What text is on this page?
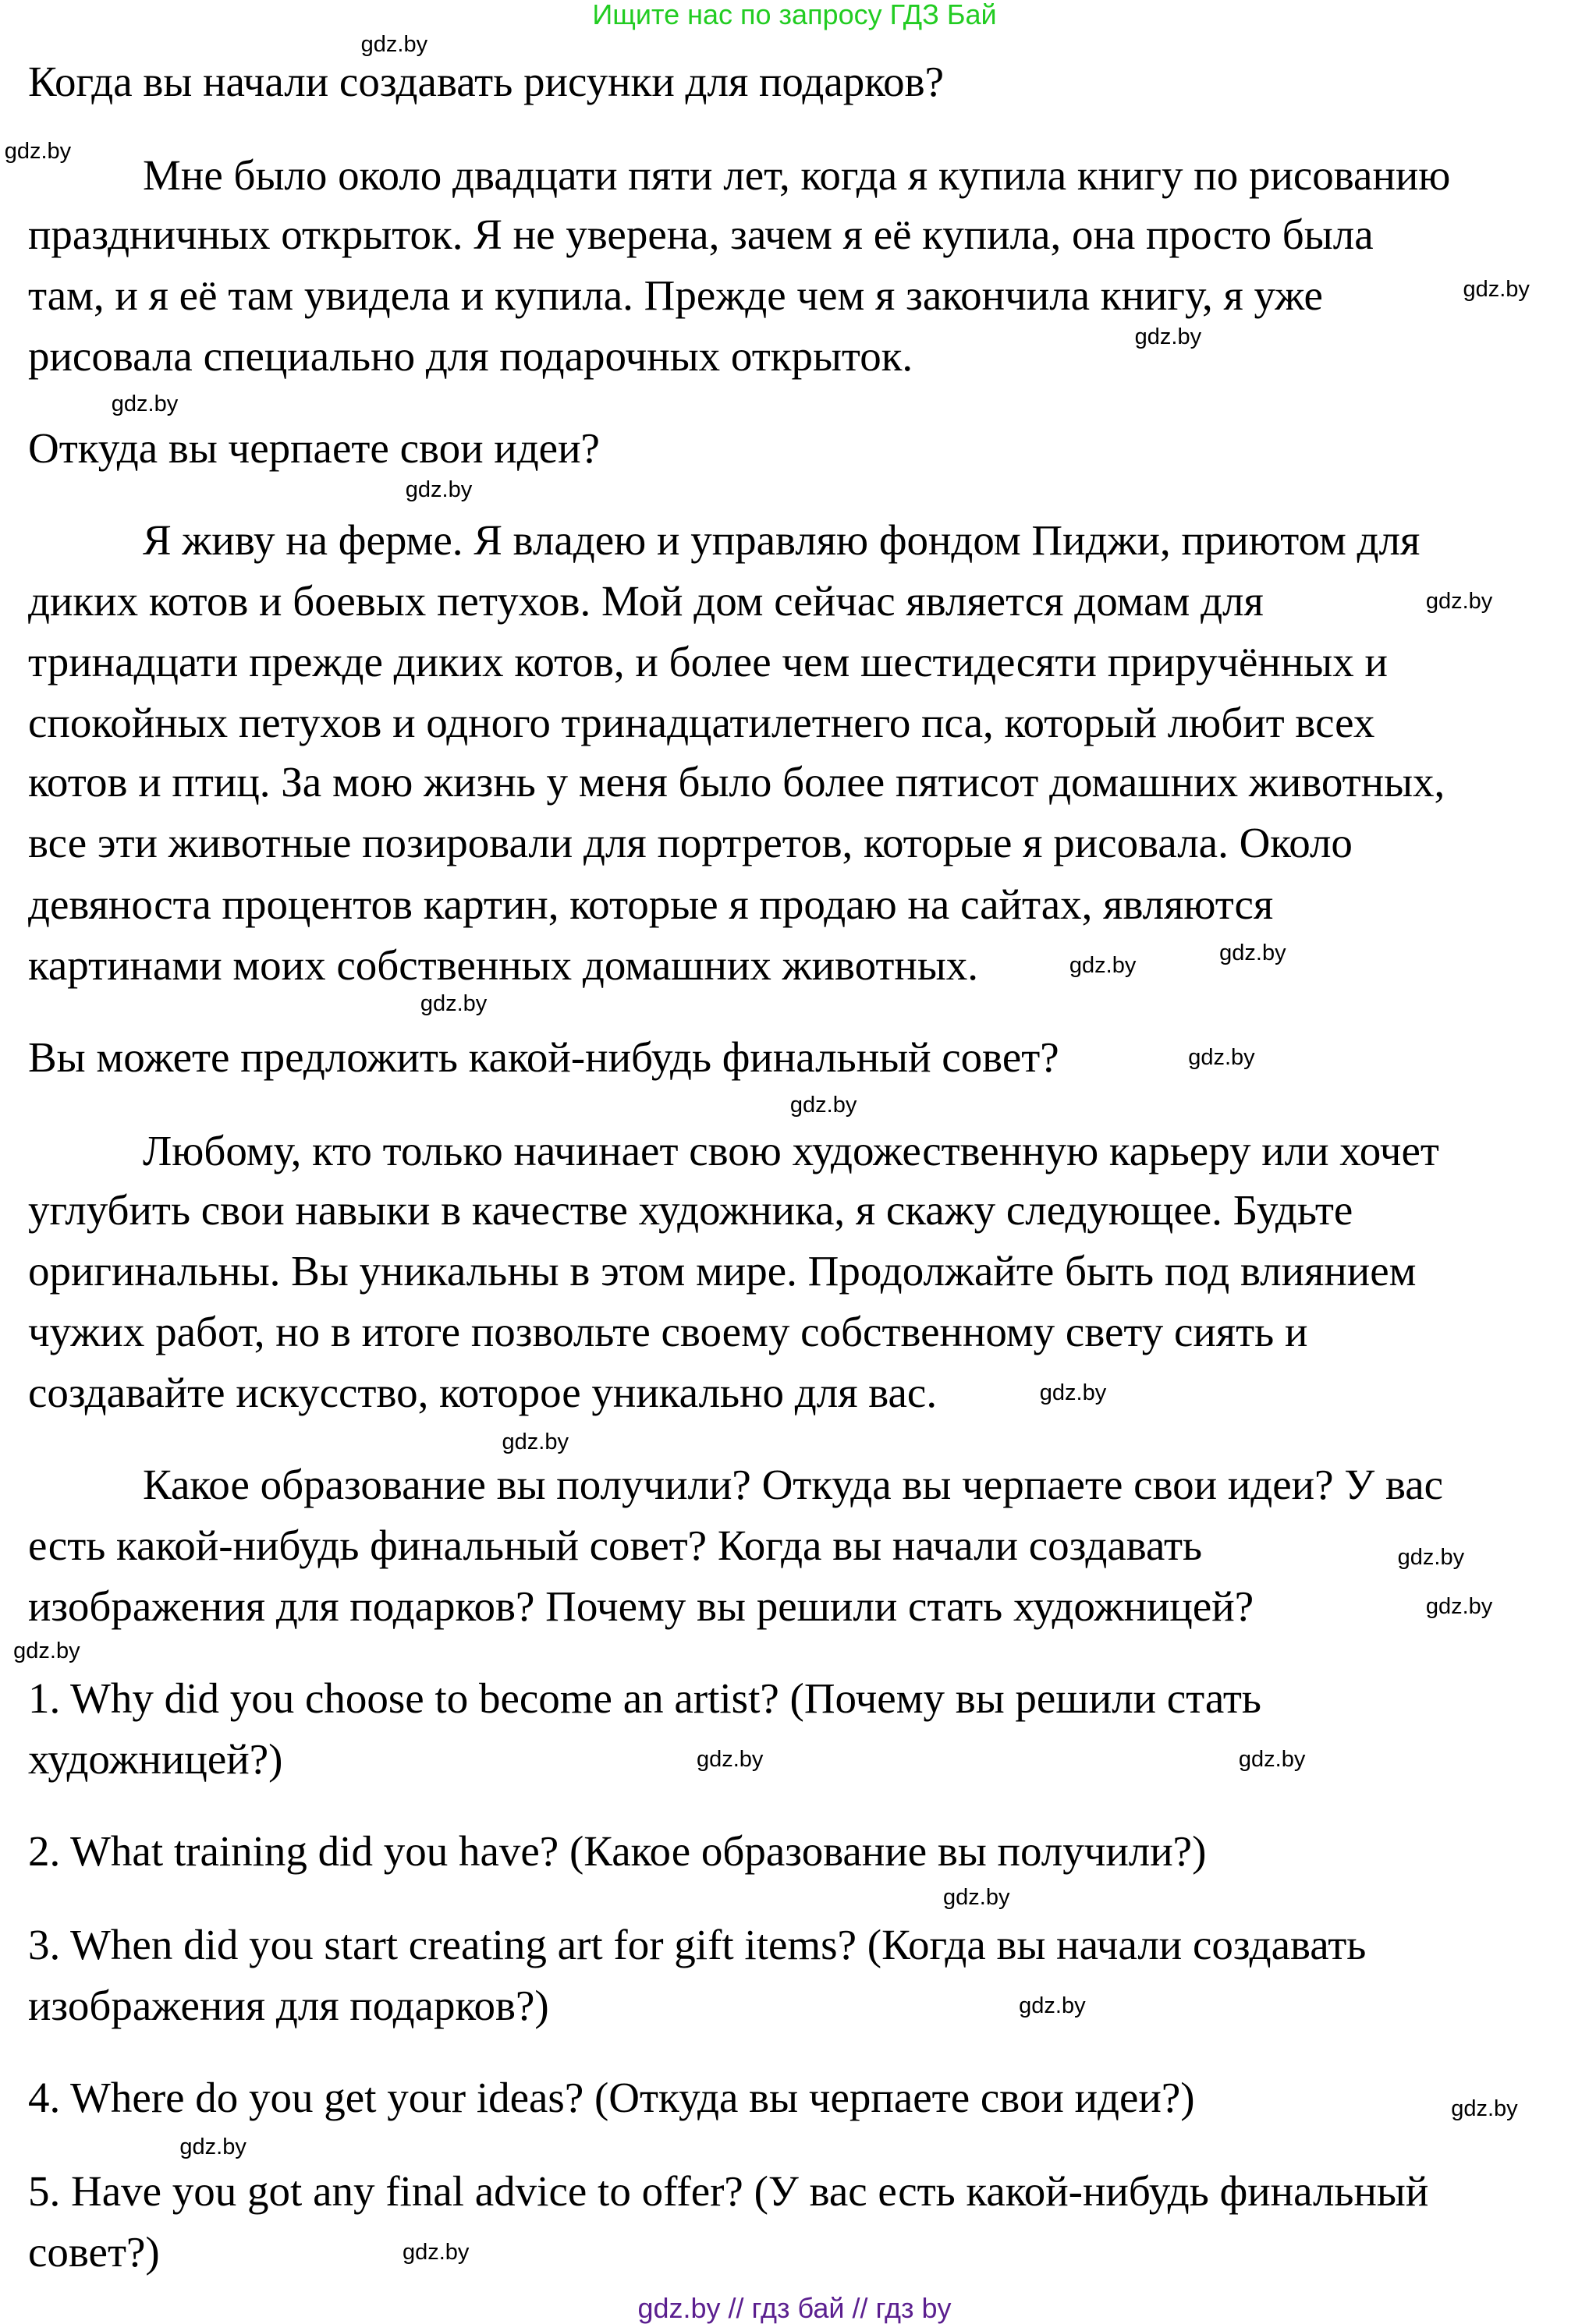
Ищите нас по запросу ГДЗ Бай
Когда вы начали создавать рисунки для подарков?
Мне было около двадцати пяти лет, когда я купила книгу по рисованию
праздничных открыток. Я не уверена, зачем я её купила, она просто была
там, и я её там увидела и купила. Прежде чем я закончила книгу, я уже
рисовала специально для подарочных открыток.
Откуда вы черпаете свои идеи?
Я живу на ферме. Я владею и управляю фондом Пиджи, приютом для
диких котов и боевых петухов. Мой дом сейчас является домам для
тринадцати прежде диких котов, и более чем шестидесяти приручённых и
спокойных петухов и одного тринадцатилетнего пса, который любит всех
котов и птиц. За мою жизнь у меня было более пятисот домашних животных,
все эти животные позировали для портретов, которые я рисовала. Около
девяноста процентов картин, которые я продаю на сайтах, являются
картинами моих собственных домашних животных.
Вы можете предложить какой-нибудь финальный совет?
Любому, кто только начинает свою художественную карьеру или хочет
углубить свои навыки в качестве художника, я скажу следующее. Будьте
оригинальны. Вы уникальны в этом мире. Продолжайте быть под влиянием
чужих работ, но в итоге позвольте своему собственному свету сиять и
создавайте искусство, которое уникально для вас.
Какое образование вы получили? Откуда вы черпаете свои идеи? У вас
есть какой-нибудь финальный совет? Когда вы начали создавать
изображения для подарков? Почему вы решили стать художницей?
1. Why did you choose to become an artist? (Почему вы решили стать
художницей?)
2. What training did you have? (Какое образование вы получили?)
3. When did you start creating art for gift items? (Когда вы начали создавать
изображения для подарков?)
4. Where do you get your ideas? (Откуда вы черпаете свои идеи?)
5. Have you got any final advice to offer? (У вас есть какой-нибудь финальный
совет?)
gdz.by
gdz.by
gdz.by
gdz.by
gdz.by
gdz.by
gdz.by
gdz.by
gdz.by
gdz.by
gdz.by
gdz.by
gdz.by
gdz.by
gdz.by
gdz.by
gdz.by
gdz.by
gdz.by
gdz.by
gdz.by
gdz.by
gdz.by
gdz.by
gdz.by // гдз бай // гдз by
